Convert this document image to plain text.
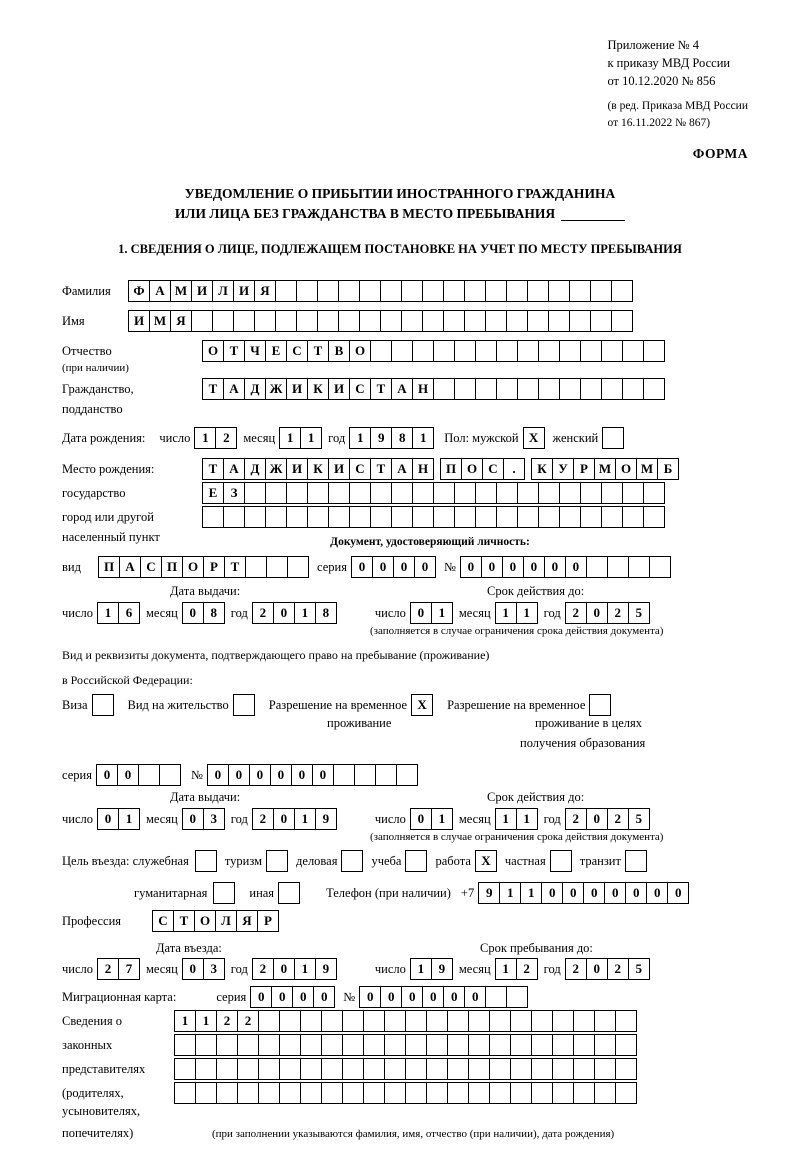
Приложение № 4
к приказу МВД России
от 10.12.2020 № 856
(в ред. Приказа МВД России
от 16.11.2022 № 867)
ФОРМА
УВЕДОМЛЕНИЕ О ПРИБЫТИИ ИНОСТРАННОГО ГРАЖДАНИНА
ИЛИ ЛИЦА БЕЗ ГРАЖДАНСТВА В МЕСТО ПРЕБЫВАНИЯ
1. СВЕДЕНИЯ О ЛИЦЕ, ПОДЛЕЖАЩЕМ ПОСТАНОВКЕ НА УЧЕТ ПО МЕСТУ ПРЕБЫВАНИЯ
Фамилия	Ф А М И Л И Я
Имя	И М Я
Отчество	О Т Ч Е С Т В О
(при наличии)
Гражданство,	Т А Д Ж И К И С Т А Н
подданство
Дата рождения: число 1	2	месяц 1	1	год 1	9	8	1	Пол: мужской Х	женский
Место рождения:	Т А Д Ж И К И С Т А Н	П О С	.	К У Р М О М Б
государство	Е	З
город или другой
населенный пункт	Документ, удостоверяющий личность:
вид	П А С П О Р Т	серия 0	0	0	0	№ 0	0	0	0	0	0
Дата выдачи:	Срок действия до:
число 1	6	месяц 0	8	год 2	0	1	8	число 0	1	месяц 1	1	год 2	0	2	5
(заполняется в случае ограничения срока действия документа)
Вид и реквизиты документа, подтверждающего право на пребывание (проживание)
в Российской Федерации:
Виза	Вид на жительство	Разрешение на временное Х	Разрешение на временное
проживание	проживание в целях
получения образования
серия 0	0	№ 0	0	0	0	0	0
Дата выдачи:	Срок действия до:
число 0	1	месяц 0	3	год 2	0	1	9	число 0	1	месяц 1	1	год 2	0	2	5
(заполняется в случае ограничения срока действия документа)
Цель въезда: служебная	туризм	деловая	учеба	работа Х	частная	транзит
гуманитарная	иная	Телефон (при наличии) +7 9	1	1	0	0	0	0	0	0	0
Профессия	С Т О Л Я Р
Дата въезда:	Срок пребывания до:
число 2	7	месяц 0	3	год 2	0	1	9	число 1	9	месяц 1	2	год 2	0	2	5
Миграционная карта:	серия 0	0	0	0	№ 0	0	0	0	0	0
Сведения о	1	1	2	2
законных
представителях
(родителях,
усыновителях,
попечителях)	(при заполнении указываются фамилия, имя, отчество (при наличии), дата рождения)
